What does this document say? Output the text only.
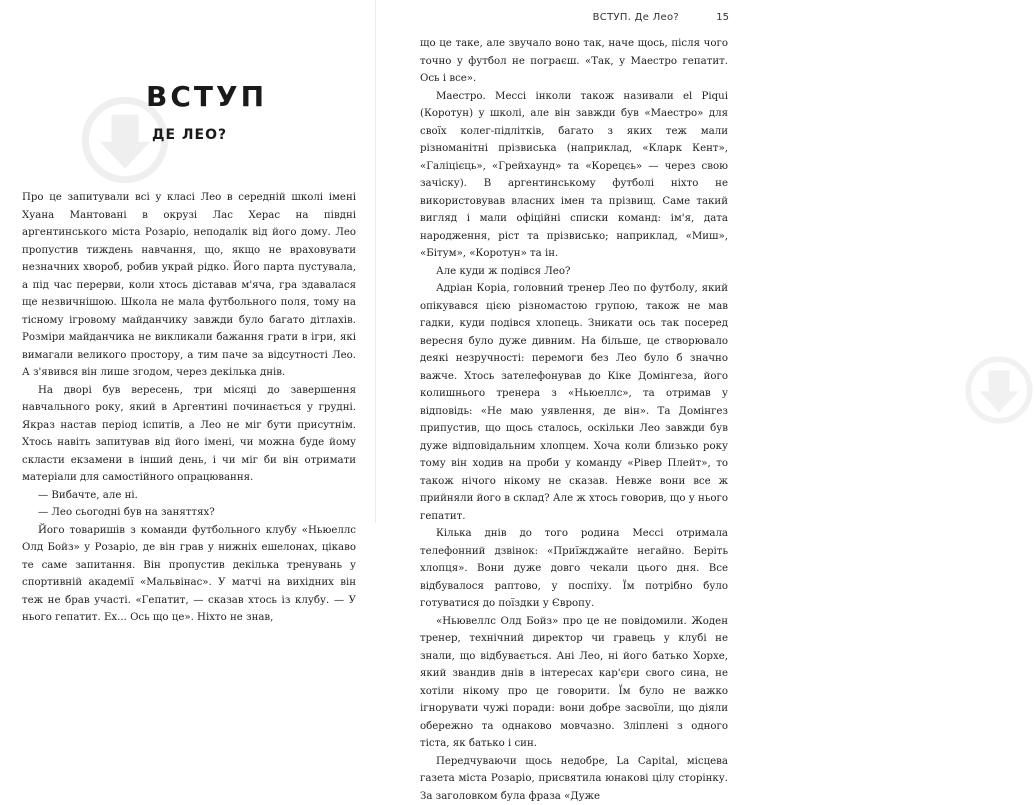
ВСТУП
ДЕ ЛЕО?

Про це запитували всі у класі Лео в середній школі імені Хуана Мантовані в окрузі Лас Херас на півдні аргентинського міста Розаріо, неподалік від його дому. Лео пропустив тиждень навчання, що, якщо не враховувати незначних хвороб, робив украй рідко. Його парта пустувала, а під час перерви, коли хтось діставав м'яча, гра здавалася ще незвичнішою. Школа не мала футбольного поля, тому на тісному ігровому майданчику завжди було багато дітлахів. Розміри майданчика не викликали бажання грати в ігри, які вимагали великого простору, а тим паче за відсутності Лео. А з'явився він лише згодом, через декілька днів.

На дворі був вересень, три місяці до завершення навчального року, який в Аргентині починається у грудні. Якраз настав період іспитів, а Лео не міг бути присутнім. Хтось навіть запитував від його імені, чи можна буде йому скласти екзамени в інший день, і чи міг би він отримати матеріали для самостійного опрацювання.

— Вибачте, але ні.

— Лео сьогодні був на заняттях?

Його товаришів з команди футбольного клубу «Ньюеллс Олд Бойз» у Розаріо, де він грав у нижніх ешелонах, цікаво те саме запитання. Він пропустив декілька тренувань у спортивній академії «Мальвінас». У матчі на вихідних він теж не брав участі. «Гепатит, — сказав хтось із клубу. — У нього гепатит. Ех... Ось що це». Ніхто не знав,

ВСТУП. Де Лео?	15

що це таке, але звучало воно так, наче щось, після чого точно у футбол не пограєш. «Так, у Маестро гепатит. Ось і все».

Маестро. Мессі інколи також називали el Piqui (Коротун) у школі, але він завжди був «Маестро» для своїх колег-підлітків, багато з яких теж мали різноманітні прізвиська (наприклад, «Кларк Кент», «Галіцієць», «Грейхаунд» та «Корецєь» — через свою зачіску). В аргентинському футболі ніхто не використовував власних імен та прізвищ. Саме такий вигляд і мали офіційні списки команд: ім'я, дата народження, ріст та прізвисько; наприклад, «Миш», «Бітум», «Коротун» та ін.

Але куди ж подівся Лео?

Адріан Коріа, головний тренер Лео по футболу, який опікувався цією різномастою групою, також не мав гадки, куди подівся хлопець. Зникати ось так посеред вересня було дуже дивним. На більше, це створювало деякі незручності: перемоги без Лео було б значно важче. Хтось зателефонував до Кіке Домінгеза, його колишнього тренера з «Ньюеллс», та отримав у відповідь: «Не маю уявлення, де він». Та Домінгез припустив, що щось сталось, оскільки Лео завжди був дуже відповідальним хлопцем. Хоча коли близько року тому він ходив на проби у команду «Рівер Плейт», то також нічого нікому не сказав. Невже вони все ж прийняли його в склад? Але ж хтось говорив, що у нього гепатит.

Кілька днів до того родина Мессі отримала телефонний дзвінок: «Приїжджайте негайно. Беріть хлопця». Вони дуже довго чекали цього дня. Все відбувалося раптово, у поспіху. Їм потрібно було готуватися до поїздки у Європу.

«Ньювеллс Олд Бойз» про це не повідомили. Жоден тренер, технічний директор чи гравець у клубі не знали, що відбувається. Ані Лео, ні його батько Хорхе, який звандив днів в інтересах кар'єри свого сина, не хотіли нікому про це говорити. Їм було не важко ігнорувати чужі поради: вони добре засвоїли, що діяли обережно та однаково мовчазно. Зліплені з одного тіста, як батько і син.

Передчуваючи щось недобре, La Capital, місцева газета міста Розаріо, присвятила юнакові цілу сторінку. За заголовком була фраза «Дуже
